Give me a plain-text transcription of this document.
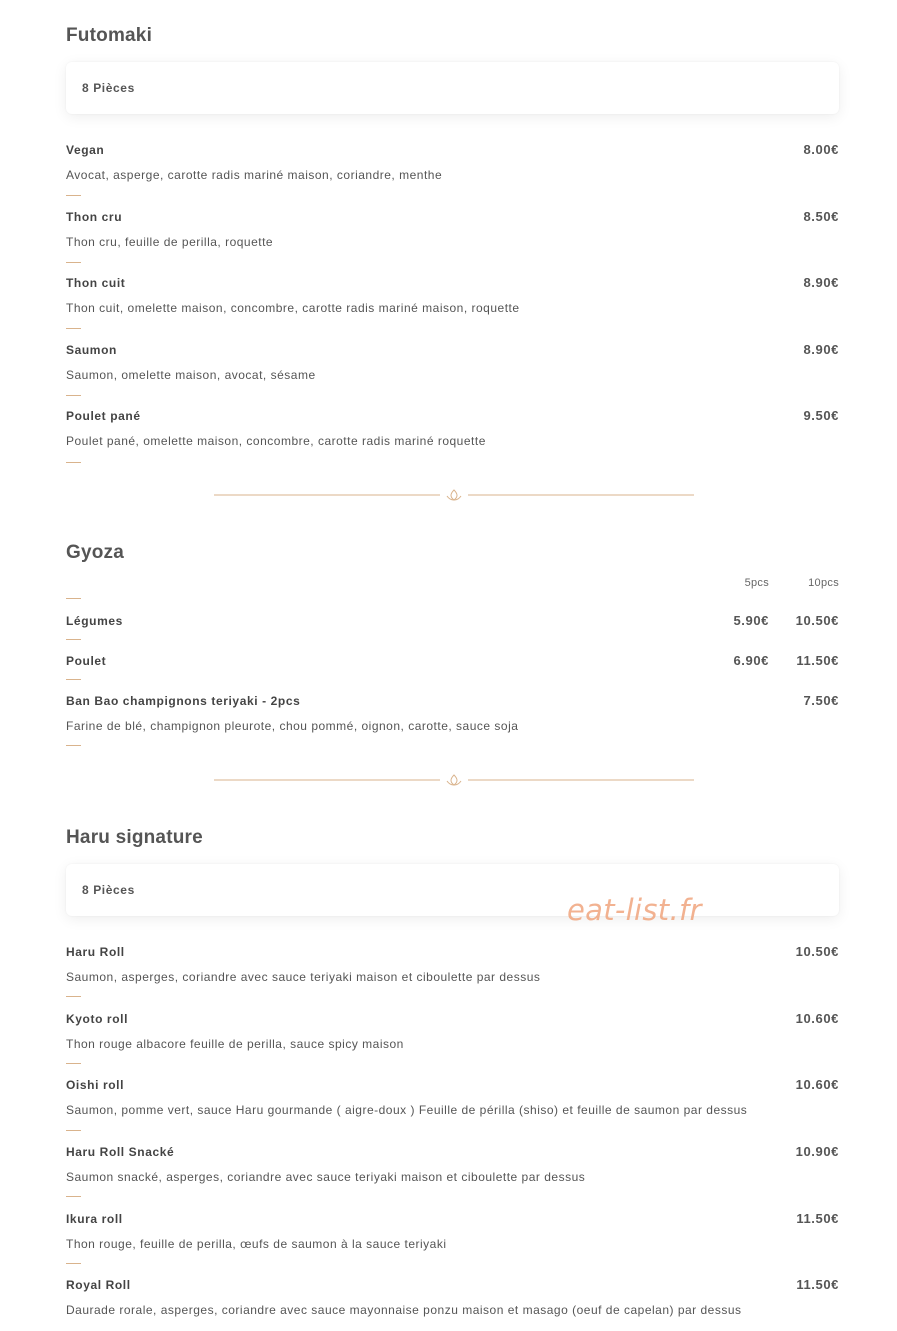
Futomaki
8 Pièces
Vegan	8.00€
Avocat, asperge, carotte radis mariné maison, coriandre, menthe
Thon cru	8.50€
Thon cru, feuille de perilla, roquette
Thon cuit	8.90€
Thon cuit, omelette maison, concombre, carotte radis mariné maison, roquette
Saumon	8.90€
Saumon, omelette maison, avocat, sésame
Poulet pané	9.50€
Poulet pané, omelette maison, concombre, carotte radis mariné roquette
Gyoza
5pcs	10pcs
Légumes	5.90€ 10.50€
Poulet	6.90€ 11.50€
Ban Bao champignons teriyaki - 2pcs	7.50€
Farine de blé, champignon pleurote, chou pommé, oignon, carotte, sauce soja
Haru signature
8 Pièces
Haru Roll	10.50€
Saumon, asperges, coriandre avec sauce teriyaki maison et ciboulette par dessus
Kyoto roll	10.60€
Thon rouge albacore feuille de perilla, sauce spicy maison
Oishi roll	10.60€
Saumon, pomme vert, sauce Haru gourmande ( aigre-doux ) Feuille de périlla (shiso) et feuille de saumon par dessus
Haru Roll Snacké	10.90€
Saumon snacké, asperges, coriandre avec sauce teriyaki maison et ciboulette par dessus
Ikura roll	11.50€
Thon rouge, feuille de perilla, œufs de saumon à la sauce teriyaki
Royal Roll	11.50€
Daurade rorale, asperges, coriandre avec sauce mayonnaise ponzu maison et masago (oeuf de capelan) par dessus
eat-list.fr
